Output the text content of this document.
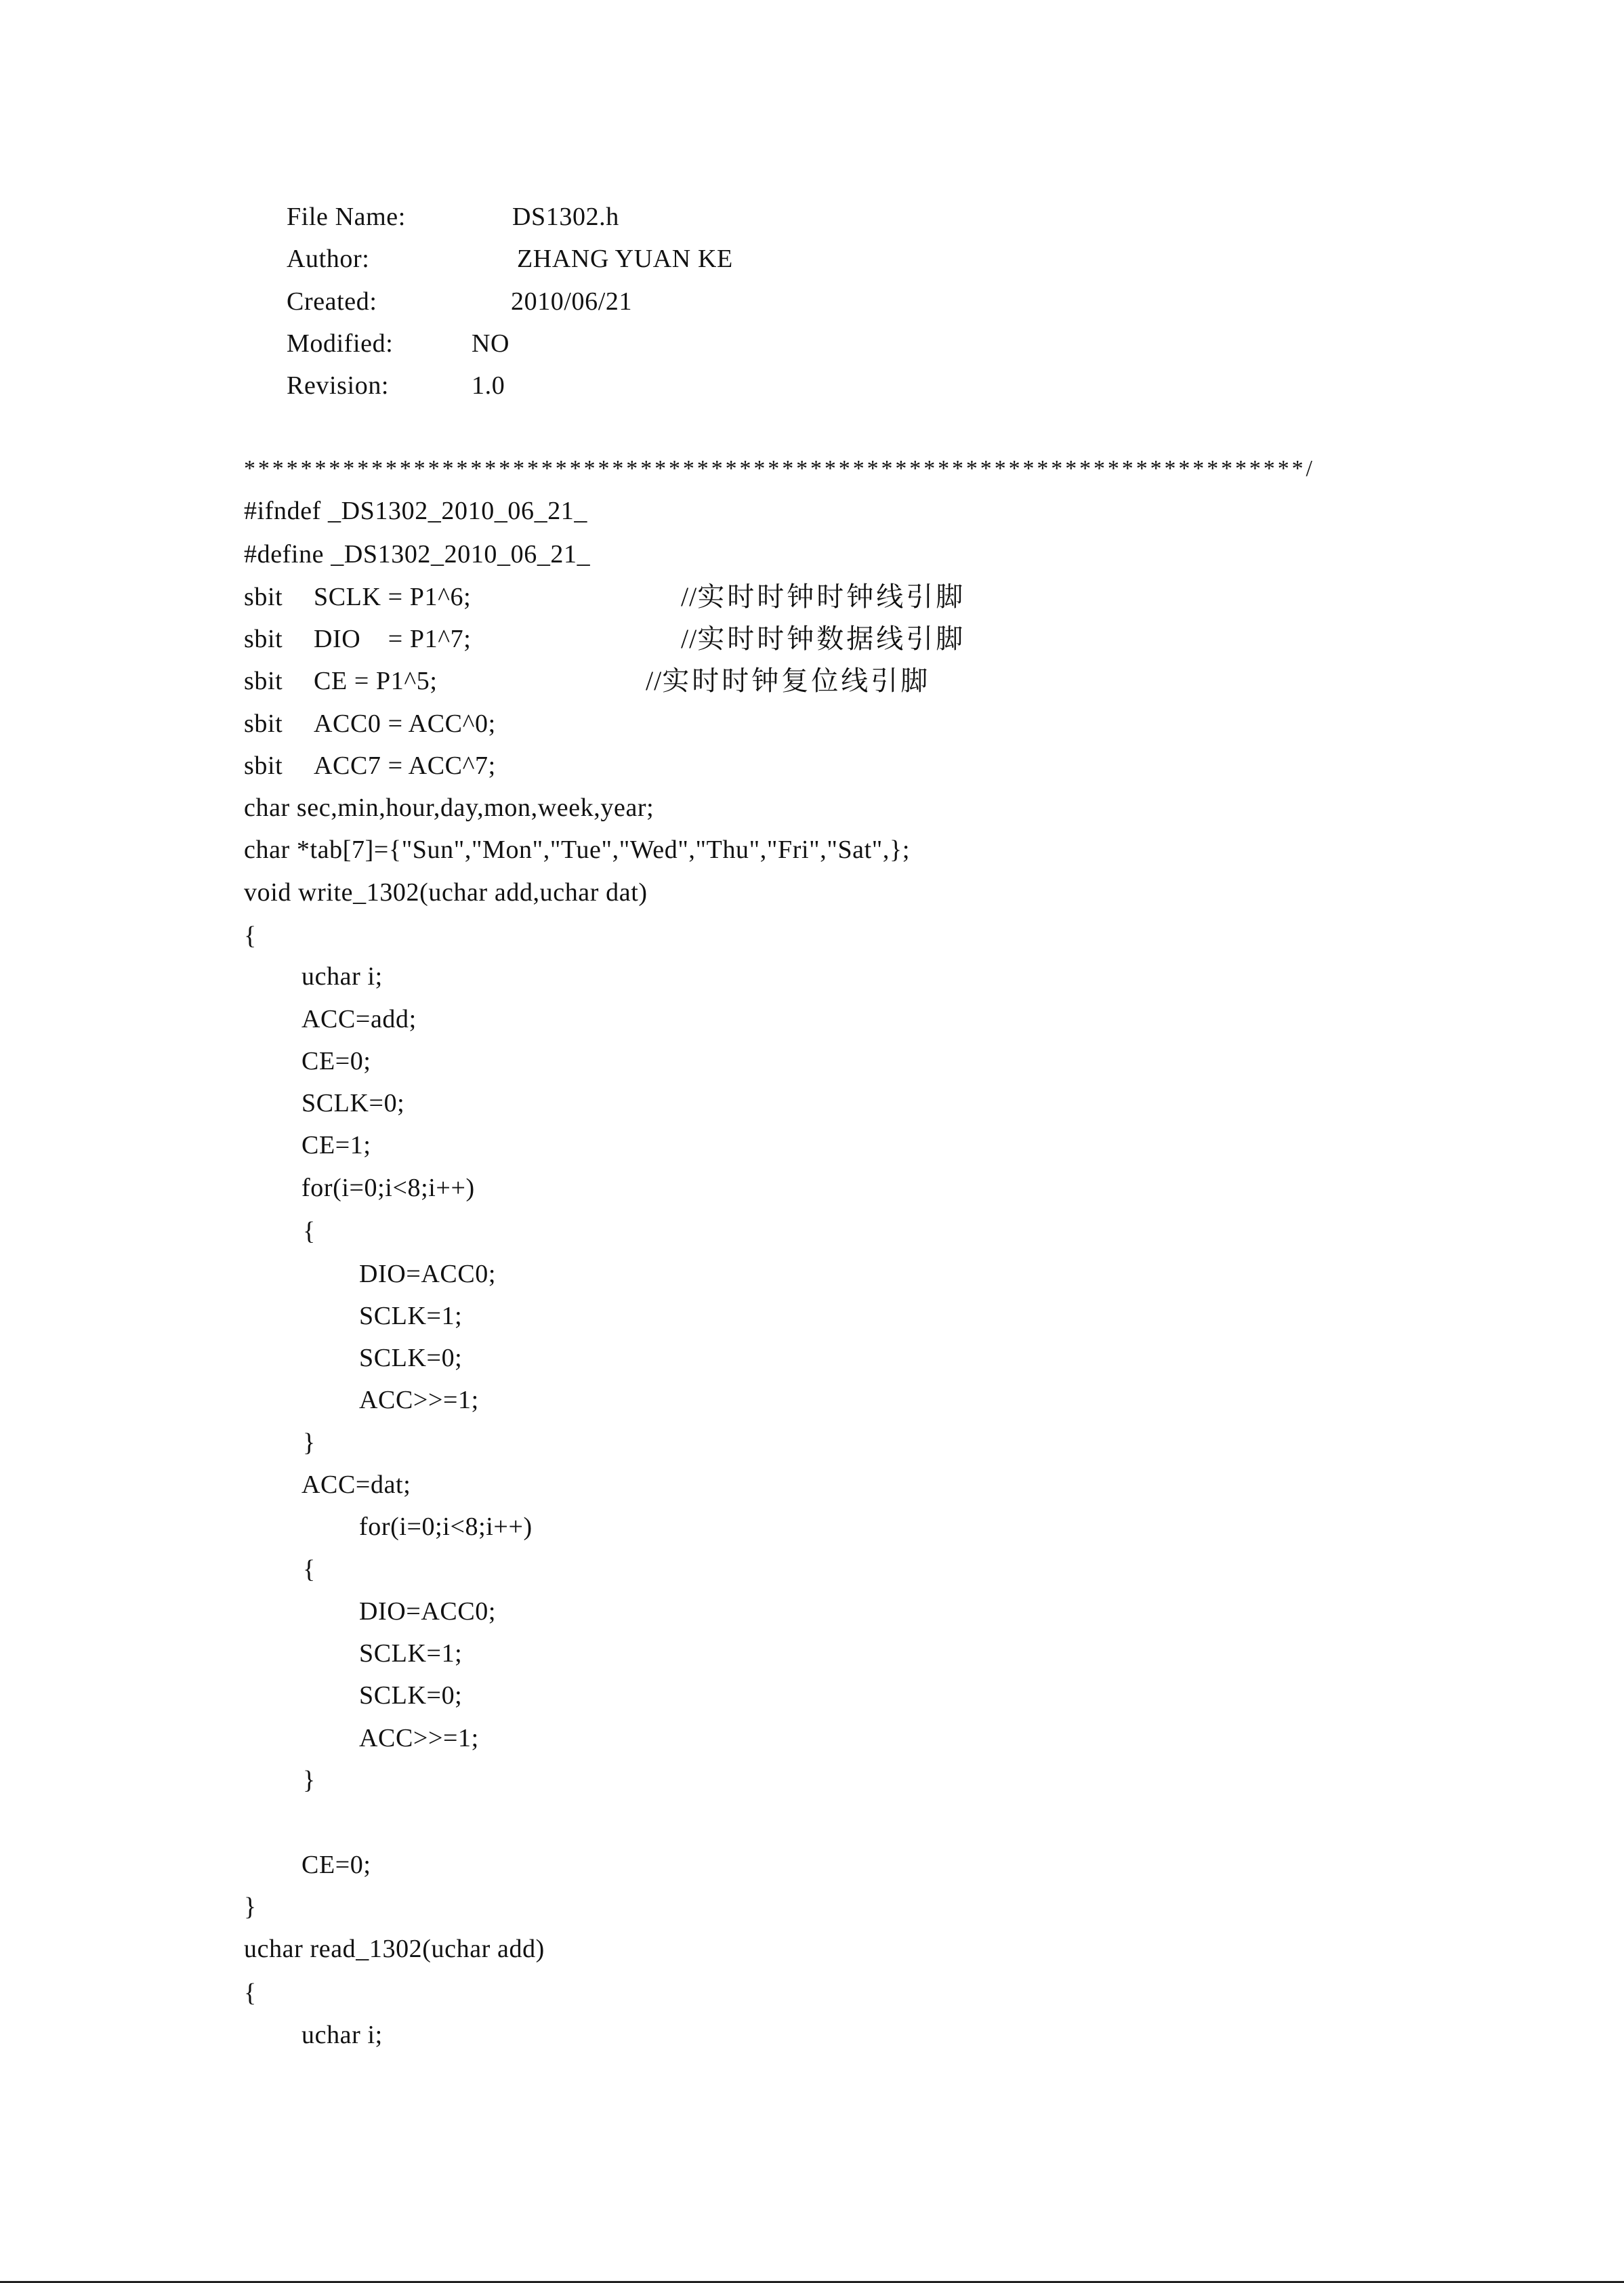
File Name:	DS1302.h
Author:	ZHANG YUAN KE
Created:	2010/06/21
Modified:	NO
Revision:	1.0
***************************************************************************/
#ifndef _DS1302_2010_06_21_
#define _DS1302_2010_06_21_
sbit SCLK = P1^6;	//实时时钟时钟线引脚
sbit DIO    = P1^7;	//实时时钟数据线引脚
sbit CE = P1^5;	//实时时钟复位线引脚
sbit ACC0 = ACC^0;
sbit ACC7 = ACC^7;
char sec,min,hour,day,mon,week,year;
char *tab[7]={"Sun","Mon","Tue","Wed","Thu","Fri","Sat",};
void write_1302(uchar add,uchar dat)
{
uchar i;
ACC=add;
CE=0;
SCLK=0;
CE=1;
for(i=0;i<8;i++)
{
DIO=ACC0;
SCLK=1;
SCLK=0;
ACC>>=1;
}
ACC=dat;
for(i=0;i<8;i++)
{
DIO=ACC0;
SCLK=1;
SCLK=0;
ACC>>=1;
}
CE=0;
}
uchar read_1302(uchar add)
{
uchar i;
